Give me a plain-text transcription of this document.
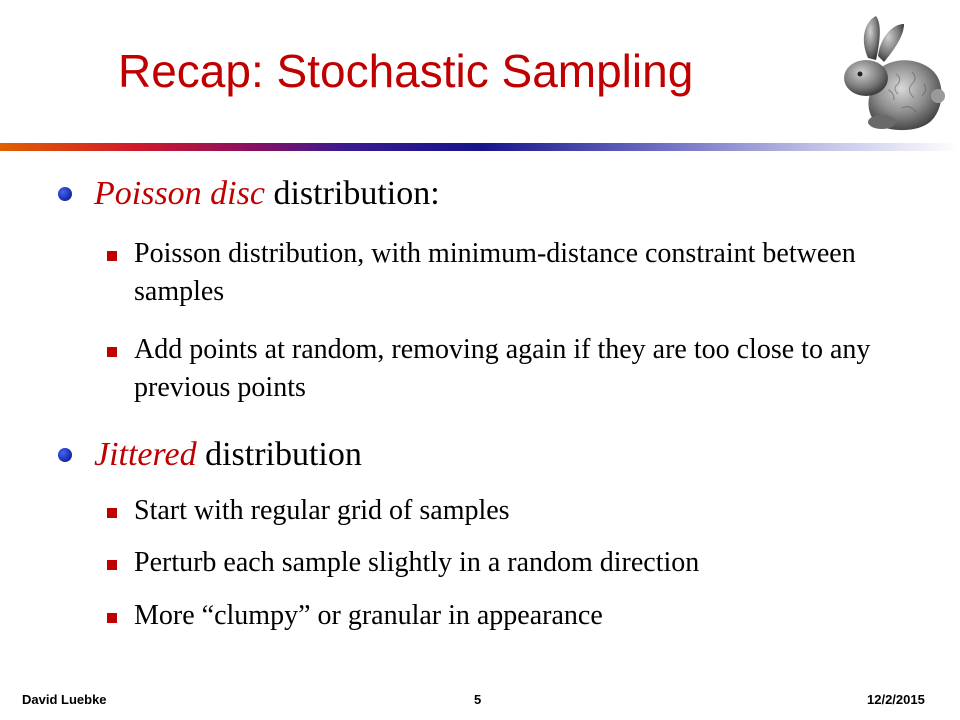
Recap: Stochastic Sampling
Poisson disc distribution:
Poisson distribution, with minimum-distance constraint between samples
Add points at random, removing again if they are too close to any previous points
Jittered distribution
Start with regular grid of samples
Perturb each sample slightly in a random direction
More “clumpy” or granular in appearance
David Luebke	5	12/2/2015
